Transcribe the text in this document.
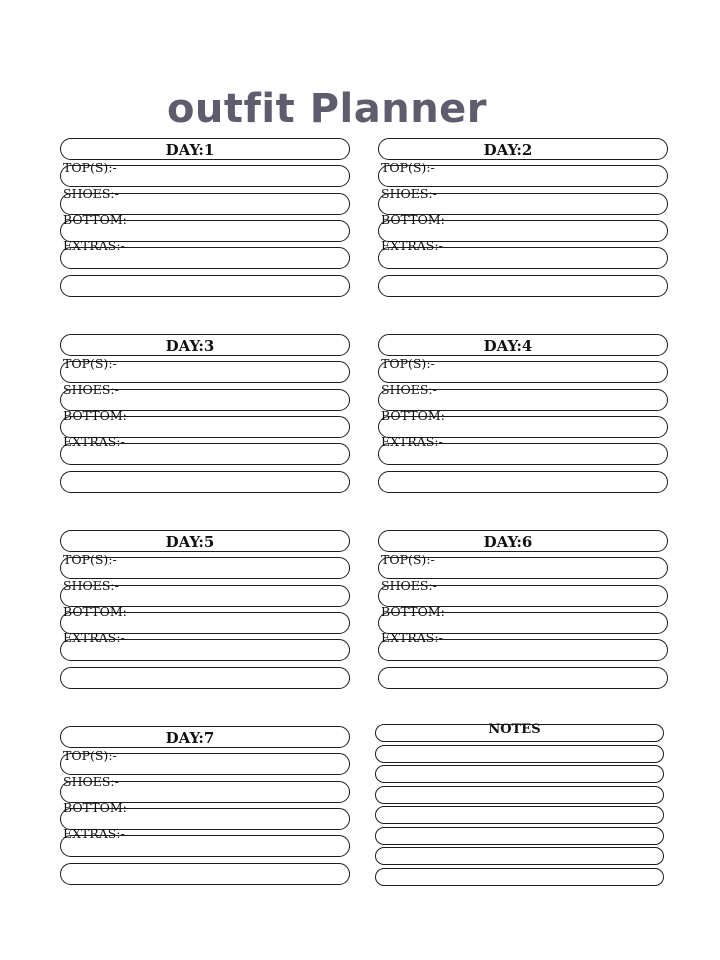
outfit Planner
DAY:1
TOP(S):-
SHOES:-
BOTTOM:-
EXTRAS:-
DAY:2
TOP(S):-
SHOES:-
BOTTOM:-
EXTRAS:-
DAY:3
TOP(S):-
SHOES:-
BOTTOM:-
EXTRAS:-
DAY:4
TOP(S):-
SHOES:-
BOTTOM:-
EXTRAS:-
DAY:5
TOP(S):-
SHOES:-
BOTTOM:-
EXTRAS:-
DAY:6
TOP(S):-
SHOES:-
BOTTOM:-
EXTRAS:-
DAY:7
TOP(S):-
SHOES:-
BOTTOM:-
EXTRAS:-
NOTES
